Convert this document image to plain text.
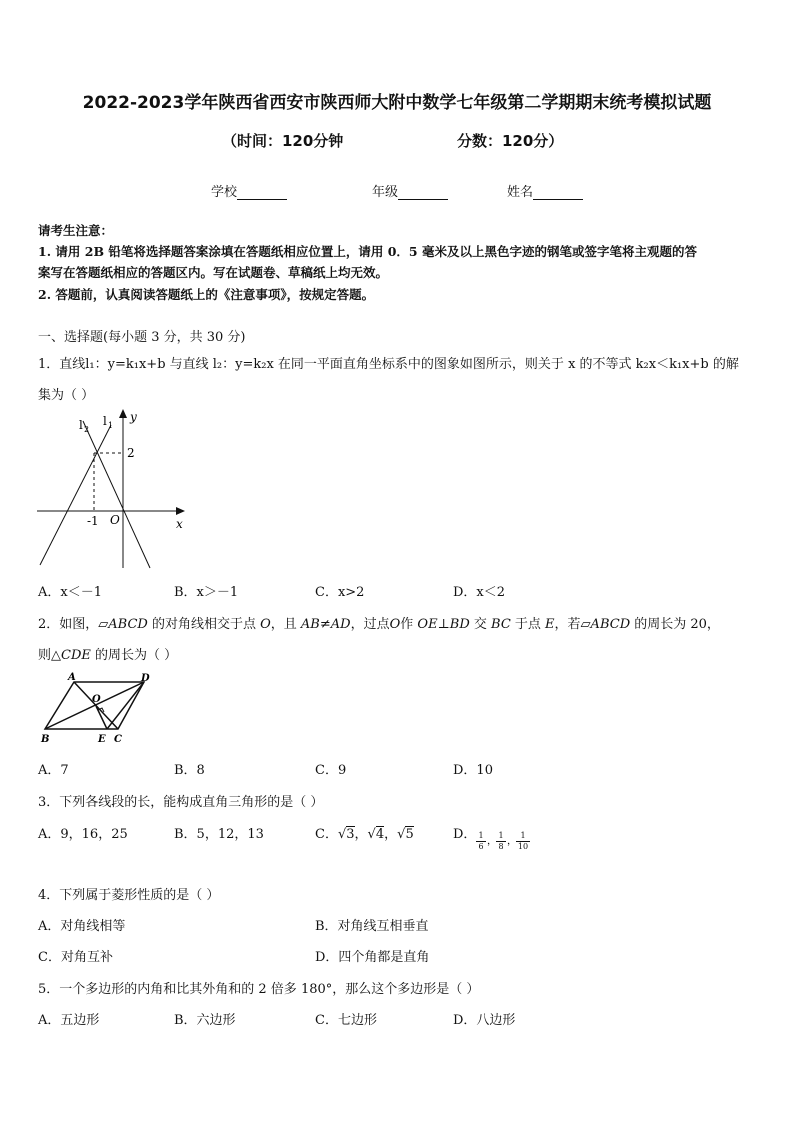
2022-2023学年陕西省西安市陕西师大附中数学七年级第二学期期末统考模拟试题
（时间：120分钟	分数：120分）
学校	年级	姓名
请考生注意：
1. 请用 2B 铅笔将选择题答案涂填在答题纸相应位置上，请用 0．5 毫米及以上黑色字迹的钢笔或签字笔将主观题的答
案写在答题纸相应的答题区内。写在试题卷、草稿纸上均无效。
2. 答题前，认真阅读答题纸上的《注意事项》，按规定答题。
一、选择题(每小题 3 分，共 30 分)
1．直线l₁：y=k₁x+b 与直线 l₂：y=k₂x 在同一平面直角坐标系中的图象如图所示，则关于 x 的不等式 k₂x＜k₁x+b 的解
集为（ ）
l 2
l 1
y
x
2
-1 O
A．x＜－1	B．x＞－1	C．x>2	D．x＜2
2．如图，▱ABCD 的对角线相交于点 O，且 AB≠AD，过点O作 OE⊥BD 交 BC 于点 E，若▱ABCD 的周长为 20，
则△CDE 的周长为（ ）
A	D
O
B	E C
A．7	B．8	C．9	D．10
3．下列各线段的长，能构成直角三角形的是（ ）
A．9，16，25	B．5，12，13	C．√3，√4，√5	D． 1
6 ，
1
8 ，
1
10
4．下列属于菱形性质的是（ ）
A．对角线相等	B．对角线互相垂直
C．对角互补	D．四个角都是直角
5．一个多边形的内角和比其外角和的 2 倍多 180°，那么这个多边形是（ ）
A．五边形	B．六边形	C．七边形	D．八边形
